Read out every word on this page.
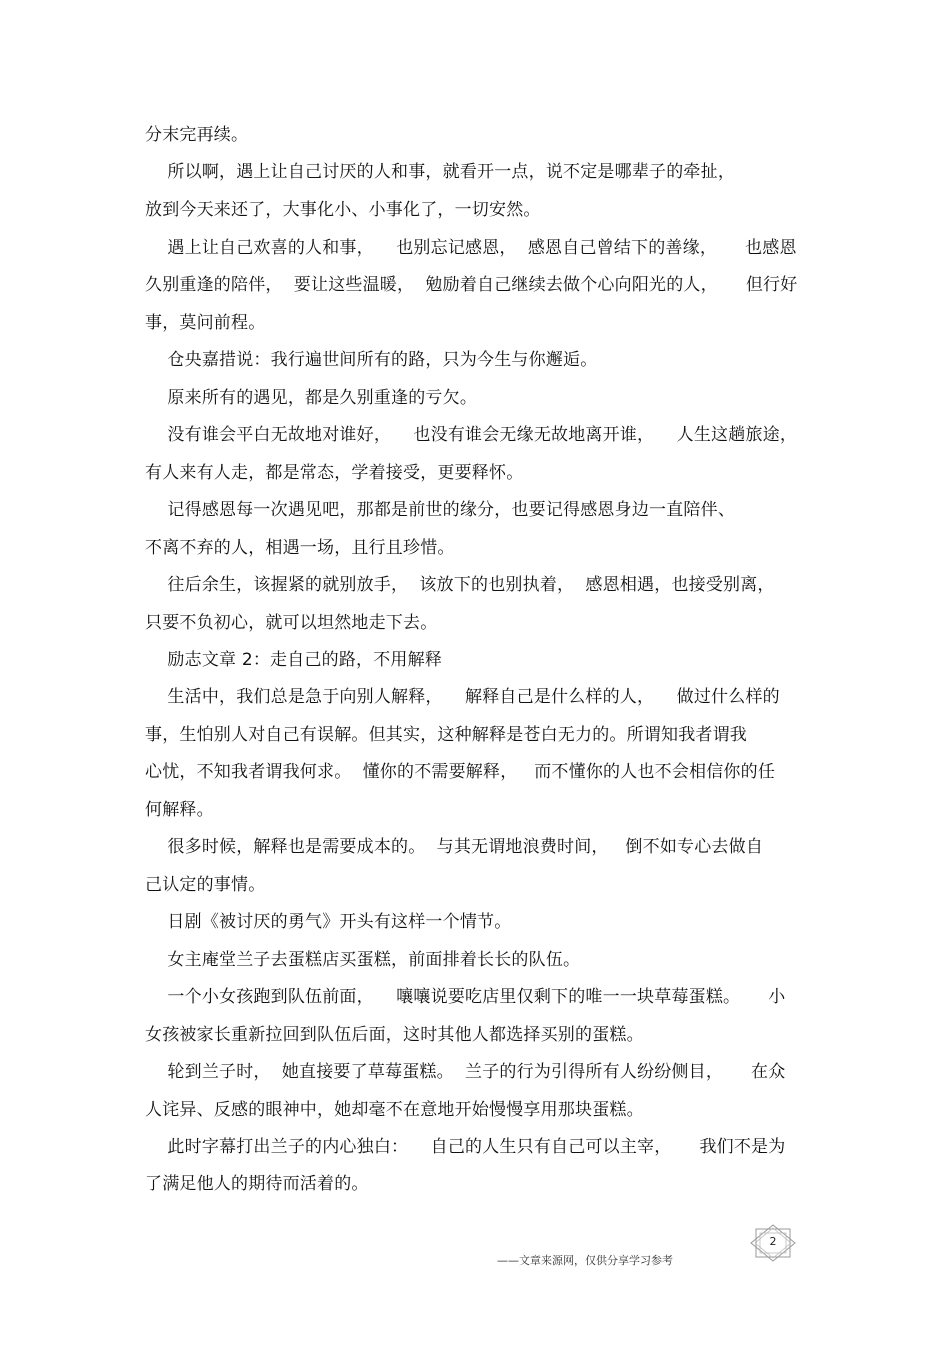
分末完再续。
所以啊，遇上让自己讨厌的人和事，就看开一点，说不定是哪辈子的牵扯，
放到今天来还了，大事化小、小事化了，一切安然。
遇上让自己欢喜的人和事，    也别忘记感恩，  感恩自己曾结下的善缘，     也感恩
久别重逢的陪伴，  要让这些温暖，  勉励着自己继续去做个心向阳光的人，     但行好
事，莫问前程。
仓央嘉措说：我行遍世间所有的路，只为今生与你邂逅。
原来所有的遇见，都是久别重逢的亏欠。
没有谁会平白无故地对谁好，    也没有谁会无缘无故地离开谁，    人生这趟旅途，
有人来有人走，都是常态，学着接受，更要释怀。
记得感恩每一次遇见吧，那都是前世的缘分，也要记得感恩身边一直陪伴、
不离不弃的人，相遇一场，且行且珍惜。
往后余生，该握紧的就别放手，  该放下的也别执着，  感恩相遇，也接受别离，
只要不负初心，就可以坦然地走下去。
励志文章 2：走自己的路，不用解释
生活中，我们总是急于向别人解释，    解释自己是什么样的人，    做过什么样的
事，生怕别人对自己有误解。但其实，这种解释是苍白无力的。所谓知我者谓我
心忧，不知我者谓我何求。  懂你的不需要解释，   而不懂你的人也不会相信你的任
何解释。
很多时候，解释也是需要成本的。  与其无谓地浪费时间，   倒不如专心去做自
己认定的事情。
日剧《被讨厌的勇气》开头有这样一个情节。
女主庵堂兰子去蛋糕店买蛋糕，前面排着长长的队伍。
一个小女孩跑到队伍前面，    嚷嚷说要吃店里仅剩下的唯一一块草莓蛋糕。     小
女孩被家长重新拉回到队伍后面，这时其他人都选择买别的蛋糕。
轮到兰子时，  她直接要了草莓蛋糕。  兰子的行为引得所有人纷纷侧目，     在众
人诧异、反感的眼神中，她却毫不在意地开始慢慢享用那块蛋糕。
此时字幕打出兰子的内心独白：    自己的人生只有自己可以主宰，     我们不是为
了满足他人的期待而活着的。
——文章来源网，仅供分享学习参考
2
